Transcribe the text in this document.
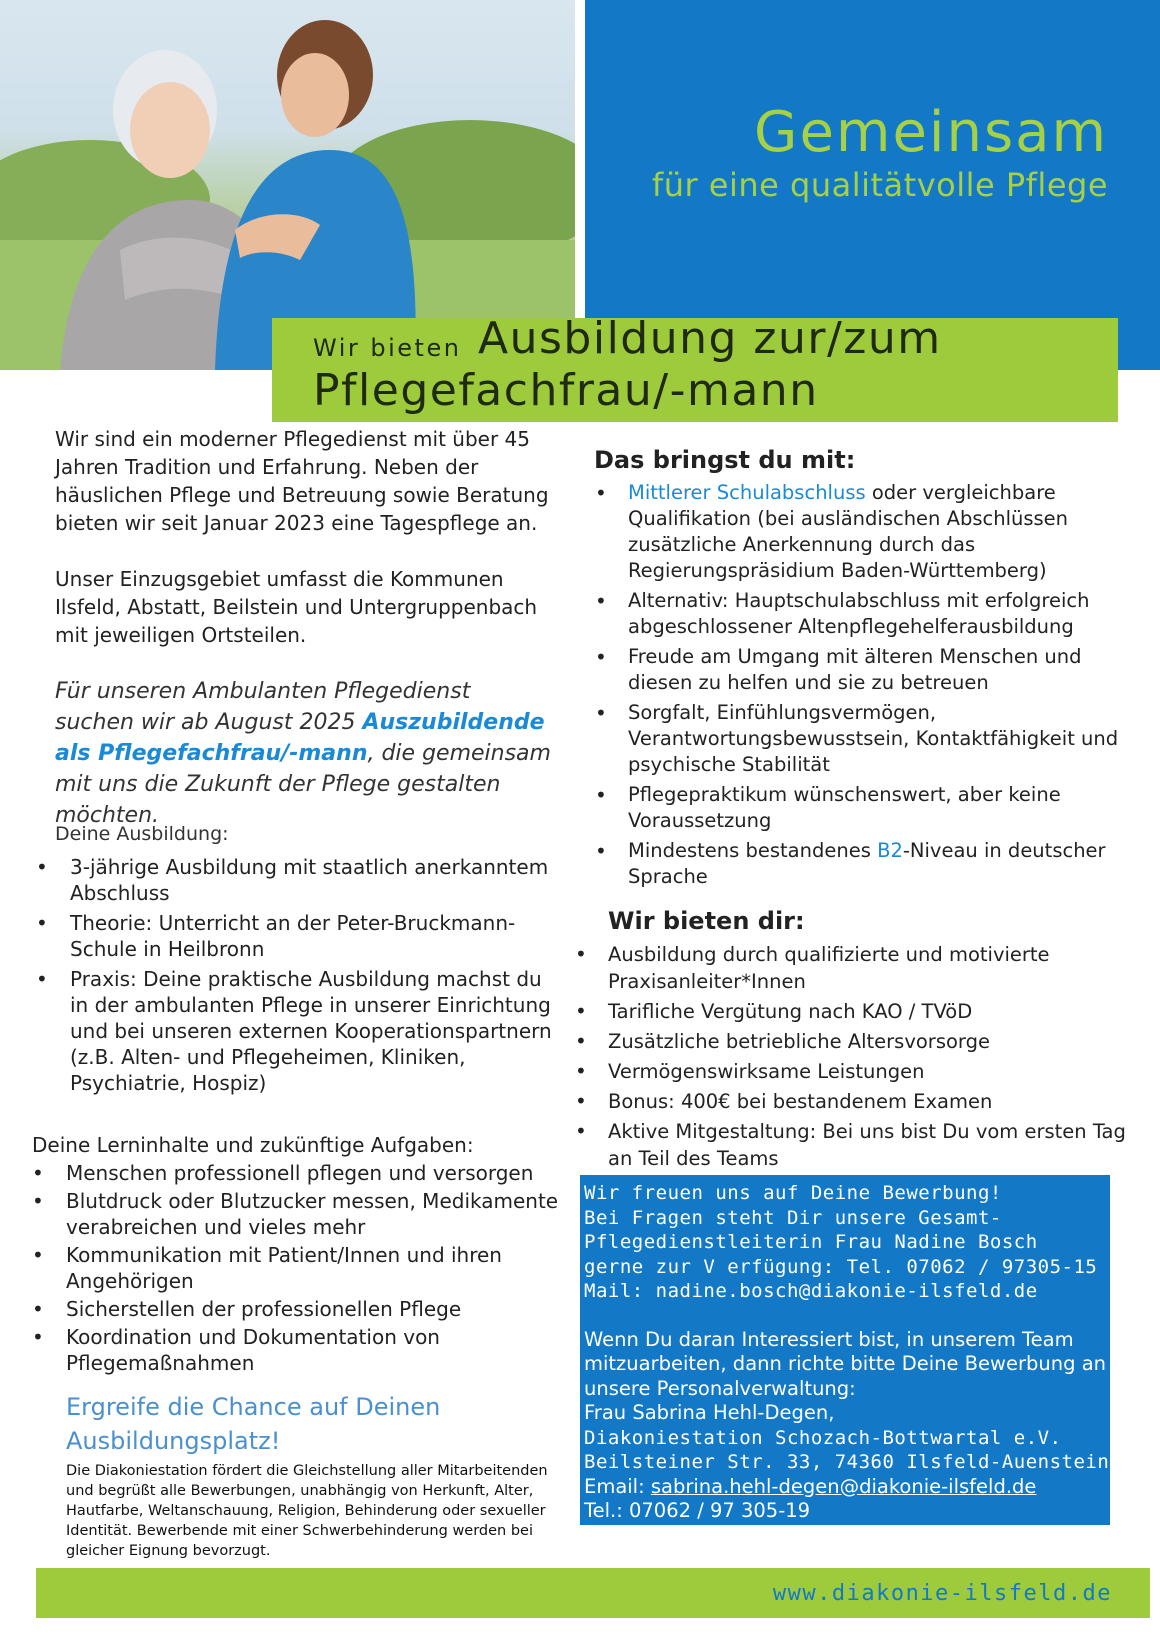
Gemeinsam

für eine qualitätvolle Pflege

Wir bieten Ausbildung zur/zum
Pflegefachfrau/-mann

Wir sind ein moderner Pflegedienst mit über 45 Jahren Tradition und Erfahrung. Neben der häuslichen Pflege und Betreuung sowie Beratung bieten wir seit Januar 2023 eine Tagespflege an.

Unser Einzugsgebiet umfasst die Kommunen Ilsfeld, Abstatt, Beilstein und Untergruppenbach mit jeweiligen Ortsteilen.

Für unseren Ambulanten Pflegedienst suchen wir ab August 2025 Auszubildende als Pflegefachfrau/-mann, die gemeinsam mit uns die Zukunft der Pflege gestalten möchten.

Deine Ausbildung:
• 3-jährige Ausbildung mit staatlich anerkanntem Abschluss
• Theorie: Unterricht an der Peter-Bruckmann-Schule in Heilbronn
• Praxis: Deine praktische Ausbildung machst du in der ambulanten Pflege in unserer Einrichtung und bei unseren externen Kooperationspartnern (z.B. Alten- und Pflegeheimen, Kliniken, Psychiatrie, Hospiz)
Deine Lerninhalte und zukünftige Aufgaben:
• Menschen professionell pflegen und versorgen
• Blutdruck oder Blutzucker messen, Medikamente verabreichen und vieles mehr
• Kommunikation mit Patient/Innen und ihren Angehörigen
• Sicherstellen der professionellen Pflege
• Koordination und Dokumentation von Pflegemaßnahmen

Ergreife die Chance auf Deinen Ausbildungsplatz!

Die Diakoniestation fördert die Gleichstellung aller Mitarbeitenden und begrüßt alle Bewerbungen, unabhängig von Herkunft, Alter, Hautfarbe, Weltanschauung, Religion, Behinderung oder sexueller Identität. Bewerbende mit einer Schwerbehinderung werden bei gleicher Eignung bevorzugt.

Das bringst du mit:
• Mittlerer Schulabschluss oder vergleichbare Qualifikation (bei ausländischen Abschlüssen zusätzliche Anerkennung durch das Regierungspräsidium Baden-Württemberg)
• Alternativ: Hauptschulabschluss mit erfolgreich abgeschlossener Altenpflegehelferausbildung
• Freude am Umgang mit älteren Menschen und diesen zu helfen und sie zu betreuen
• Sorgfalt, Einfühlungsvermögen, Verantwortungsbewusstsein, Kontaktfähigkeit und psychische Stabilität
• Pflegepraktikum wünschenswert, aber keine Voraussetzung
• Mindestens bestandenes B2-Niveau in deutscher Sprache
Wir bieten dir:
• Ausbildung durch qualifizierte und motivierte Praxisanleiter*Innen
• Tarifliche Vergütung nach KAO / TVöD
• Zusätzliche betriebliche Altersvorsorge
• Vermögenswirksame Leistungen
• Bonus: 400€ bei bestandenem Examen
• Aktive Mitgestaltung: Bei uns bist Du vom ersten Tag an Teil des Teams

Wir freuen uns auf Deine Bewerbung!

Bei Fragen steht Dir unsere Gesamt-

Pflegedienstleiterin Frau Nadine Bosch

gerne zur V erfügung: Tel. 07062 / 97305-15

Mail: nadine.bosch@diakonie-ilsfeld.de

Wenn Du daran Interessiert bist, in unserem Team

mitzuarbeiten, dann richte bitte Deine Bewerbung an

unsere Personalverwaltung:

Frau Sabrina Hehl-Degen,

Diakoniestation Schozach-Bottwartal e.V.

Beilsteiner Str. 33, 74360 Ilsfeld-Auenstein

Email: sabrina.hehl-degen@diakonie-ilsfeld.de

Tel.: 07062 / 97 305-19

www.diakonie-ilsfeld.de
